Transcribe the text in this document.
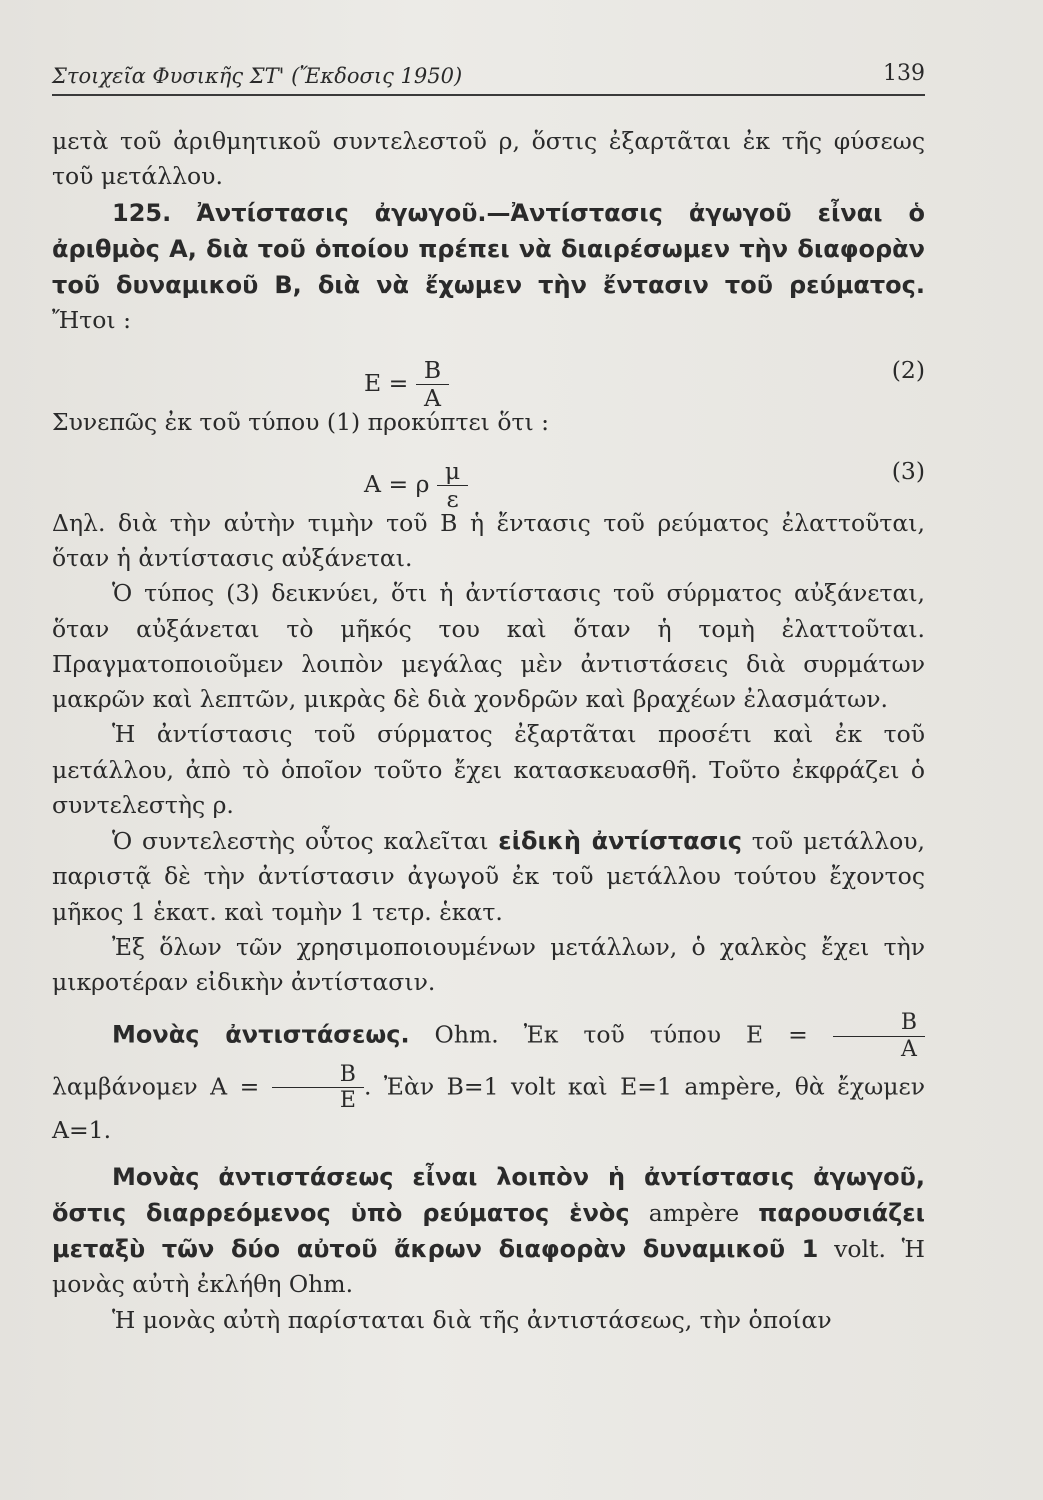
Στοιχεῖα Φυσικῆς ΣΤ' (Ἔκδοσις 1950)	139

μετὰ τοῦ ἀριθμητικοῦ συντελεστοῦ ρ, ὅστις ἐξαρτᾶται ἐκ τῆς φύσεως τοῦ μετάλλου.

125. Ἀντίστασις ἀγωγοῦ.—Ἀντίστασις ἀγωγοῦ εἶναι ὁ ἀριθμὸς Α, διὰ τοῦ ὁποίου πρέπει νὰ διαιρέσωμεν τὴν διαφορὰν τοῦ δυναμικοῦ Β, διὰ νὰ ἔχωμεν τὴν ἔντασιν τοῦ ρεύματος. Ἤτοι :

$E = \frac{B}{A}$	(2)

Συνεπῶς ἐκ τοῦ τύπου (1) προκύπτει ὅτι :

Α = ρ $\frac{\mu}{\varepsilon}$	(3)

Δηλ. διὰ τὴν αὐτὴν τιμὴν τοῦ Β ἡ ἔντασις τοῦ ρεύματος ἐλαττοῦται, ὅταν ἡ ἀντίστασις αὐξάνεται.

Ὁ τύπος (3) δεικνύει, ὅτι ἡ ἀντίστασις τοῦ σύρματος αὐξάνεται, ὅταν αὐξάνεται τὸ μῆκός του καὶ ὅταν ἡ τομὴ ἐλαττοῦται. Πραγματοποιοῦμεν λοιπὸν μεγάλας μὲν ἀντιστάσεις διὰ συρμάτων μακρῶν καὶ λεπτῶν, μικρὰς δὲ διὰ χονδρῶν καὶ βραχέων ἐλασμάτων.

Ἡ ἀντίστασις τοῦ σύρματος ἐξαρτᾶται προσέτι καὶ ἐκ τοῦ μετάλλου, ἀπὸ τὸ ὁποῖον τοῦτο ἔχει κατασκευασθῆ. Τοῦτο ἐκφράζει ὁ συντελεστὴς ρ.

Ὁ συντελεστὴς οὗτος καλεῖται εἰδικὴ ἀντίστασις τοῦ μετάλλου, παριστᾷ δὲ τὴν ἀντίστασιν ἀγωγοῦ ἐκ τοῦ μετάλλου τούτου ἔχοντος μῆκος 1 ἑκατ. καὶ τομὴν 1 τετρ. ἑκατ.

Ἐξ ὅλων τῶν χρησιμοποιουμένων μετάλλων, ὁ χαλκὸς ἔχει τὴν μικροτέραν εἰδικὴν ἀντίστασιν.

Μονὰς ἀντιστάσεως. Ohm. Ἐκ τοῦ τύπου $E = \frac{B}{A}$
λαμβάνομεν $A = \frac{B}{E}$ . Ἐὰν Β=1 volt καὶ Ε=1 ampère, θὰ ἔχωμεν Α=1.

Μονὰς ἀντιστάσεως εἶναι λοιπὸν ἡ ἀντίστασις ἀγωγοῦ, ὅστις διαρρεόμενος ὑπὸ ρεύματος ἑνὸς ampère παρουσιάζει μεταξὺ τῶν δύο αὐτοῦ ἄκρων διαφορὰν δυναμικοῦ 1 volt. Ἡ μονὰς αὐτὴ ἐκλήθη Ohm.

Ἡ μονὰς αὐτὴ παρίσταται διὰ τῆς ἀντιστάσεως, τὴν ὁποίαν
